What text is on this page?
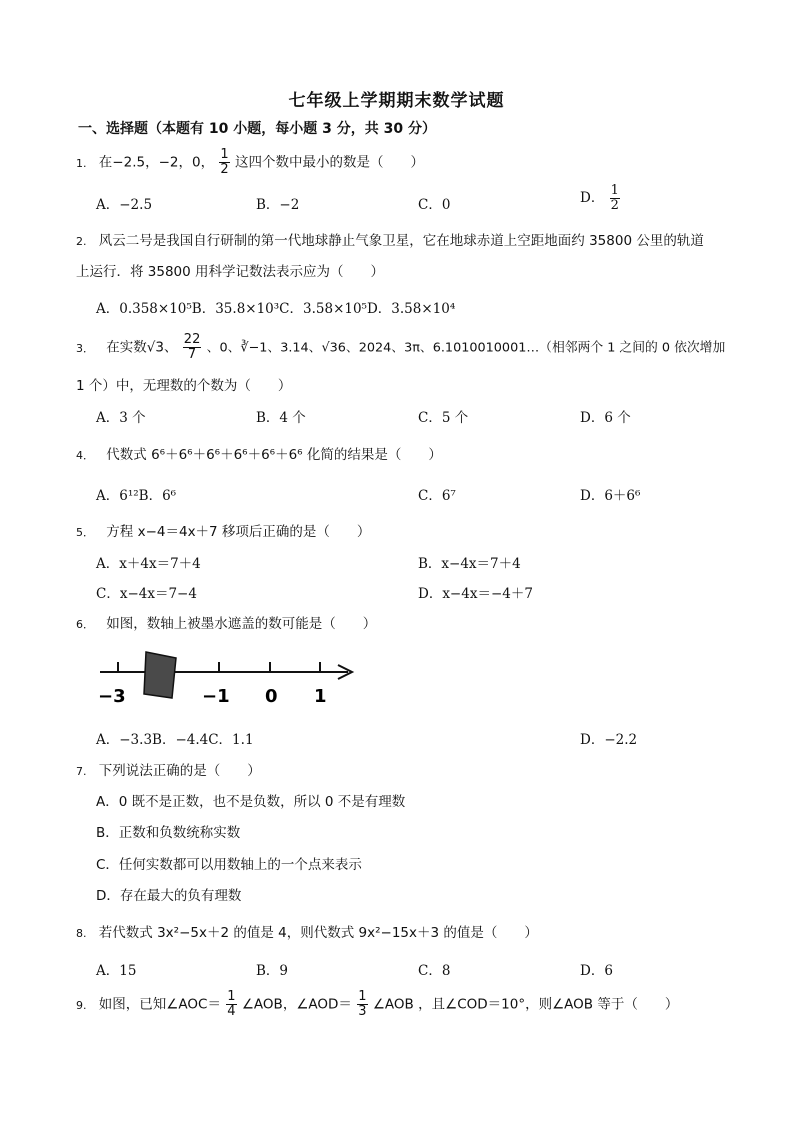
七年级上学期期末数学试题
一、选择题（本题有 10 小题，每小题 3 分，共 30 分）
1. 在−2.5，−2，0， $\frac{1}{2}$ 这四个数中最小的数是（　　）
A．−2.5	B．−2	C．0	D． $\frac{1}{2}$
2. 风云二号是我国自行研制的第一代地球静止气象卫星，它在地球赤道上空距地面约 35800 公里的轨道
上运行．将 35800 用科学记数法表示应为（　　）
A．0.358×10⁵B．35.8×10³C．3.58×10⁵D．3.58×10⁴
3． 在实数√3、 $\frac{22}{7}$ 、0、∛−1、3.14、√36、2024、3π、6.1010010001…（相邻两个 1 之间的 0 依次增加
1 个）中，无理数的个数为（　　）
A．3 个	B．4 个	C．5 个	D．6 个
4． 代数式 6⁶＋6⁶＋6⁶＋6⁶＋6⁶＋6⁶ 化简的结果是（　　）
A．6¹²B．6⁶	C．6⁷	D．6＋6⁶
5． 方程 x−4＝4x＋7 移项后正确的是（　　）
A．x＋4x＝7＋4	B．x−4x＝7＋4
C．x−4x＝7−4	D．x−4x＝−4＋7
6． 如图，数轴上被墨水遮盖的数可能是（　　）
−3	−1 0 1
A．−3.3B．−4.4C．1.1	D．−2.2
7. 下列说法正确的是（　　）
A．0 既不是正数，也不是负数，所以 0 不是有理数
B．正数和负数统称实数
C．任何实数都可以用数轴上的一个点来表示
D．存在最大的负有理数
8. 若代数式 3x²−5x＋2 的值是 4，则代数式 9x²−15x＋3 的值是（　　）
A．15	B．9	C．8	D．6
9. 如图，已知∠AOC＝ $\frac{1}{4}$ ∠AOB，∠AOD＝ $\frac{1}{3}$ ∠AOB ，且∠COD＝10°，则∠AOB 等于（　　）
